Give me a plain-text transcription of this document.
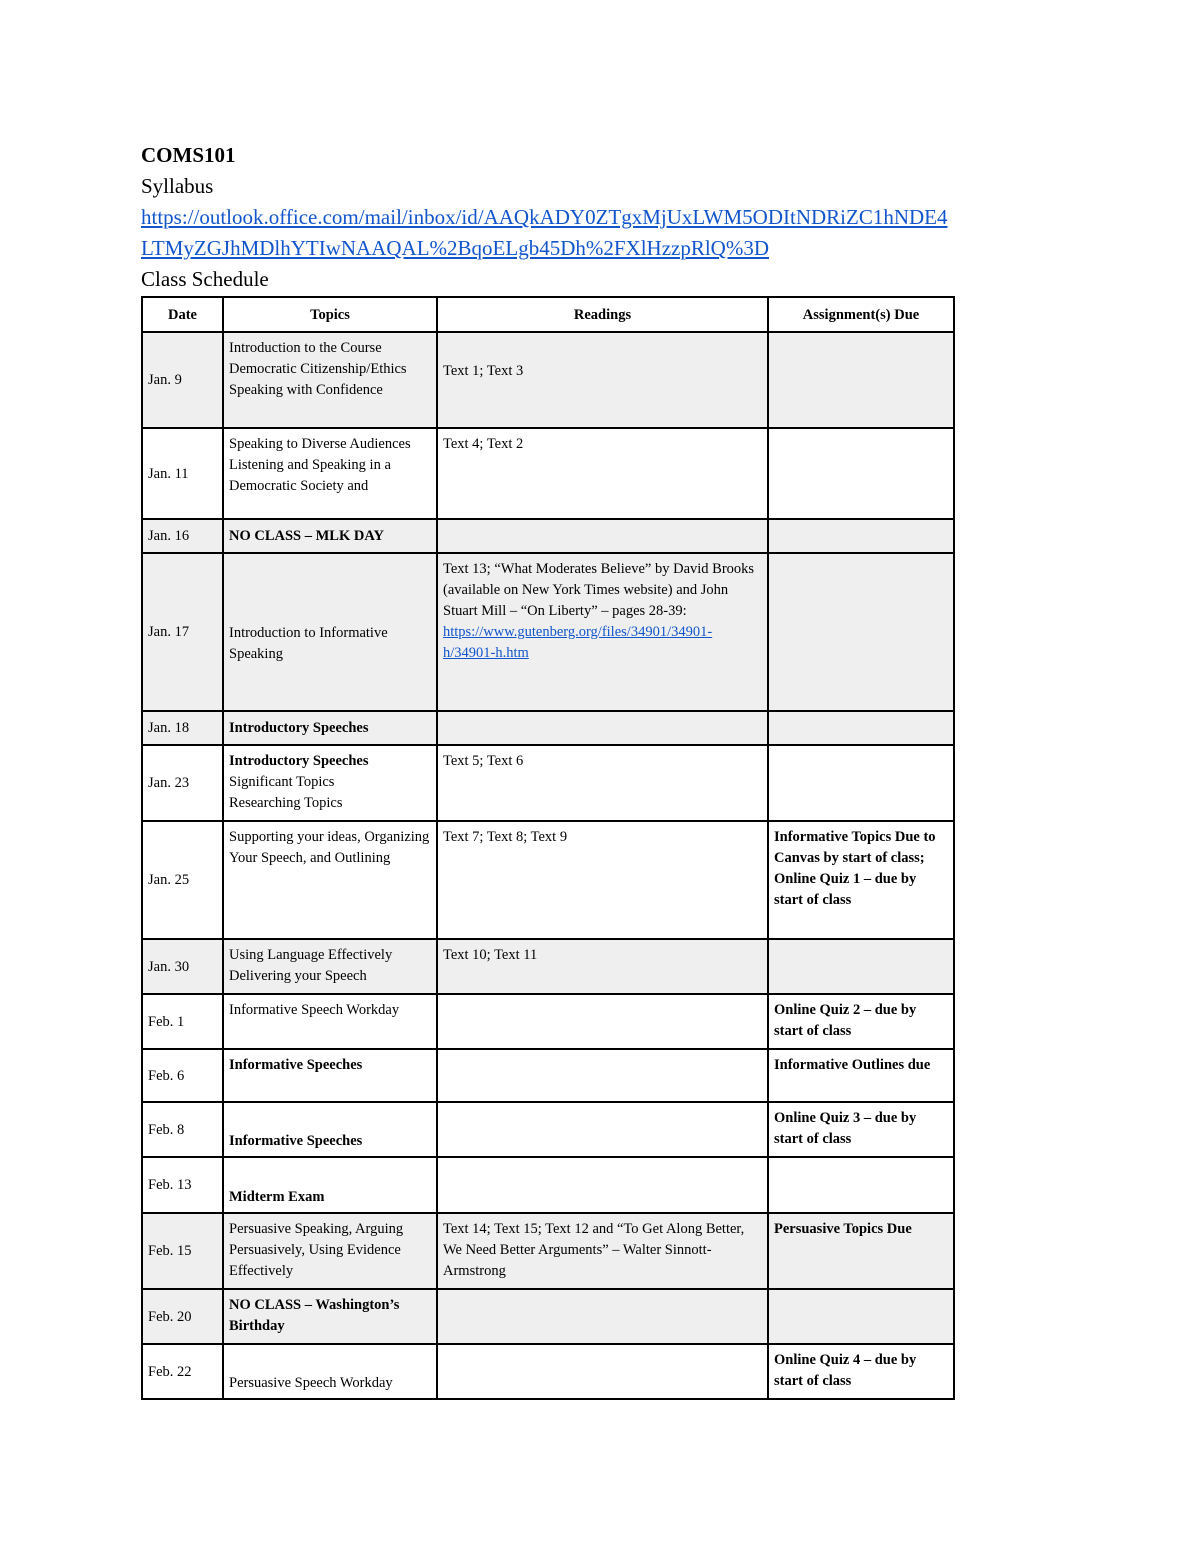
COMS101
Syllabus
https://outlook.office.com/mail/inbox/id/AAQkADY0ZTgxMjUxLWM5ODItNDRiZC1hNDE4
LTMyZGJhMDlhYTIwNAAQAL%2BqoELgb45Dh%2FXlHzzpRlQ%3D
Class Schedule
Date	Topics	Readings	Assignment(s) Due
Jan. 9	Introduction to the Course
Democratic Citizenship/Ethics
Speaking with Confidence	Text 1; Text 3	

Jan. 11	Speaking to Diverse Audiences
Listening and Speaking in a Democratic Society and	Text 4; Text 2	
Jan. 16	NO CLASS – MLK DAY		
Jan. 17	Introduction to Informative Speaking	Text 13; “What Moderates Believe” by David Brooks (available on New York Times website) and John Stuart Mill – “On Liberty” – pages 28-39:
https://www.gutenberg.org/files/34901/34901-h/34901-h.htm	
Jan. 18	Introductory Speeches		
Jan. 23	Introductory Speeches
Significant Topics
Researching Topics	Text 5; Text 6	
Jan. 25	Supporting your ideas, Organizing Your Speech, and Outlining	Text 7; Text 8; Text 9	Informative Topics Due to Canvas by start of class;
Online Quiz 1 – due by start of class

Jan. 30	Using Language Effectively
Delivering your Speech	Text 10; Text 11	
Feb. 1	Informative Speech Workday		Online Quiz 2 – due by start of class
Feb. 6	Informative Speeches		Informative Outlines due
Feb. 8	Informative Speeches		Online Quiz 3 – due by start of class
Feb. 13	Midterm Exam		
Feb. 15	Persuasive Speaking, Arguing Persuasively, Using Evidence Effectively	Text 14; Text 15; Text 12 and “To Get Along Better, We Need Better Arguments” – Walter Sinnott-Armstrong	Persuasive Topics Due
Feb. 20	NO CLASS – Washington’s Birthday		
Feb. 22	Persuasive Speech Workday		Online Quiz 4 – due by start of class
